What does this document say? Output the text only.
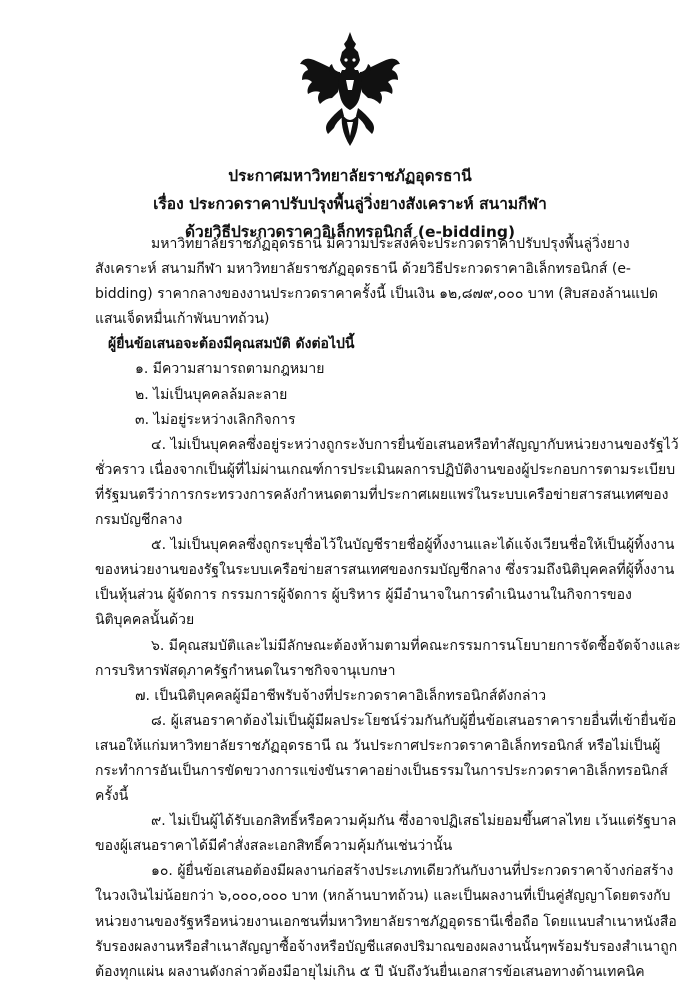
ประกาศมหาวิทยาลัยราชภัฏอุดรธานี
เรื่อง ประกวดราคาปรับปรุงพื้นลู่วิ่งยางสังเคราะห์ สนามกีฬา
ด้วยวิธีประกวดราคาอิเล็กทรอนิกส์ (e-bidding)

มหาวิทยาลัยราชภัฏอุดรธานี มีความประสงค์จะประกวดราคาปรับปรุงพื้นลู่วิ่งยางสังเคราะห์ สนามกีฬา มหาวิทยาลัยราชภัฏอุดรธานี ด้วยวิธีประกวดราคาอิเล็กทรอนิกส์ (e-bidding) ราคากลางของงานประกวดราคาครั้งนี้ เป็นเงิน ๑๒,๘๗๙,๐๐๐ บาท (สิบสองล้านแปดแสนเจ็ดหมื่นเก้าพันบาทถ้วน)

ผู้ยื่นข้อเสนอจะต้องมีคุณสมบัติ ดังต่อไปนี้

๑. มีความสามารถตามกฎหมาย

๒. ไม่เป็นบุคคลล้มละลาย

๓. ไม่อยู่ระหว่างเลิกกิจการ

๔. ไม่เป็นบุคคลซึ่งอยู่ระหว่างถูกระงับการยื่นข้อเสนอหรือทำสัญญากับหน่วยงานของรัฐไว้ชั่วคราว เนื่องจากเป็นผู้ที่ไม่ผ่านเกณฑ์การประเมินผลการปฏิบัติงานของผู้ประกอบการตามระเบียบที่รัฐมนตรีว่าการกระทรวงการคลังกำหนดตามที่ประกาศเผยแพร่ในระบบเครือข่ายสารสนเทศของกรมบัญชีกลาง

๕. ไม่เป็นบุคคลซึ่งถูกระบุชื่อไว้ในบัญชีรายชื่อผู้ทิ้งงานและได้แจ้งเวียนชื่อให้เป็นผู้ทิ้งงานของหน่วยงานของรัฐในระบบเครือข่ายสารสนเทศของกรมบัญชีกลาง ซึ่งรวมถึงนิติบุคคลที่ผู้ทิ้งงานเป็นหุ้นส่วน ผู้จัดการ กรรมการผู้จัดการ ผู้บริหาร ผู้มีอำนาจในการดำเนินงานในกิจการของนิติบุคคลนั้นด้วย

๖. มีคุณสมบัติและไม่มีลักษณะต้องห้ามตามที่คณะกรรมการนโยบายการจัดซื้อจัดจ้างและการบริหารพัสดุภาครัฐกำหนดในราชกิจจานุเบกษา

๗. เป็นนิติบุคคลผู้มีอาชีพรับจ้างที่ประกวดราคาอิเล็กทรอนิกส์ดังกล่าว

๘. ผู้เสนอราคาต้องไม่เป็นผู้มีผลประโยชน์ร่วมกันกับผู้ยื่นข้อเสนอราคารายอื่นที่เข้ายื่นข้อเสนอให้แก่มหาวิทยาลัยราชภัฏอุดรธานี ณ วันประกาศประกวดราคาอิเล็กทรอนิกส์ หรือไม่เป็นผู้กระทำการอันเป็นการขัดขวางการแข่งขันราคาอย่างเป็นธรรมในการประกวดราคาอิเล็กทรอนิกส์ครั้งนี้

๙. ไม่เป็นผู้ได้รับเอกสิทธิ์หรือความคุ้มกัน ซึ่งอาจปฏิเสธไม่ยอมขึ้นศาลไทย เว้นแต่รัฐบาลของผู้เสนอราคาได้มีคำสั่งสละเอกสิทธิ์ความคุ้มกันเช่นว่านั้น

๑๐. ผู้ยื่นข้อเสนอต้องมีผลงานก่อสร้างประเภทเดียวกันกับงานที่ประกวดราคาจ้างก่อสร้างในวงเงินไม่น้อยกว่า ๖,๐๐๐,๐๐๐ บาท (หกล้านบาทถ้วน) และเป็นผลงานที่เป็นคู่สัญญาโดยตรงกับหน่วยงานของรัฐหรือหน่วยงานเอกชนที่มหาวิทยาลัยราชภัฏอุดรธานีเชื่อถือ โดยแนบสำเนาหนังสือรับรองผลงานหรือสำเนาสัญญาซื้อจ้างหรือบัญชีแสดงปริมาณของผลงานนั้นๆพร้อมรับรองสำเนาถูกต้องทุกแผ่น ผลงานดังกล่าวต้องมีอายุไม่เกิน ๕ ปี นับถึงวันยื่นเอกสารข้อเสนอทางด้านเทคนิค
